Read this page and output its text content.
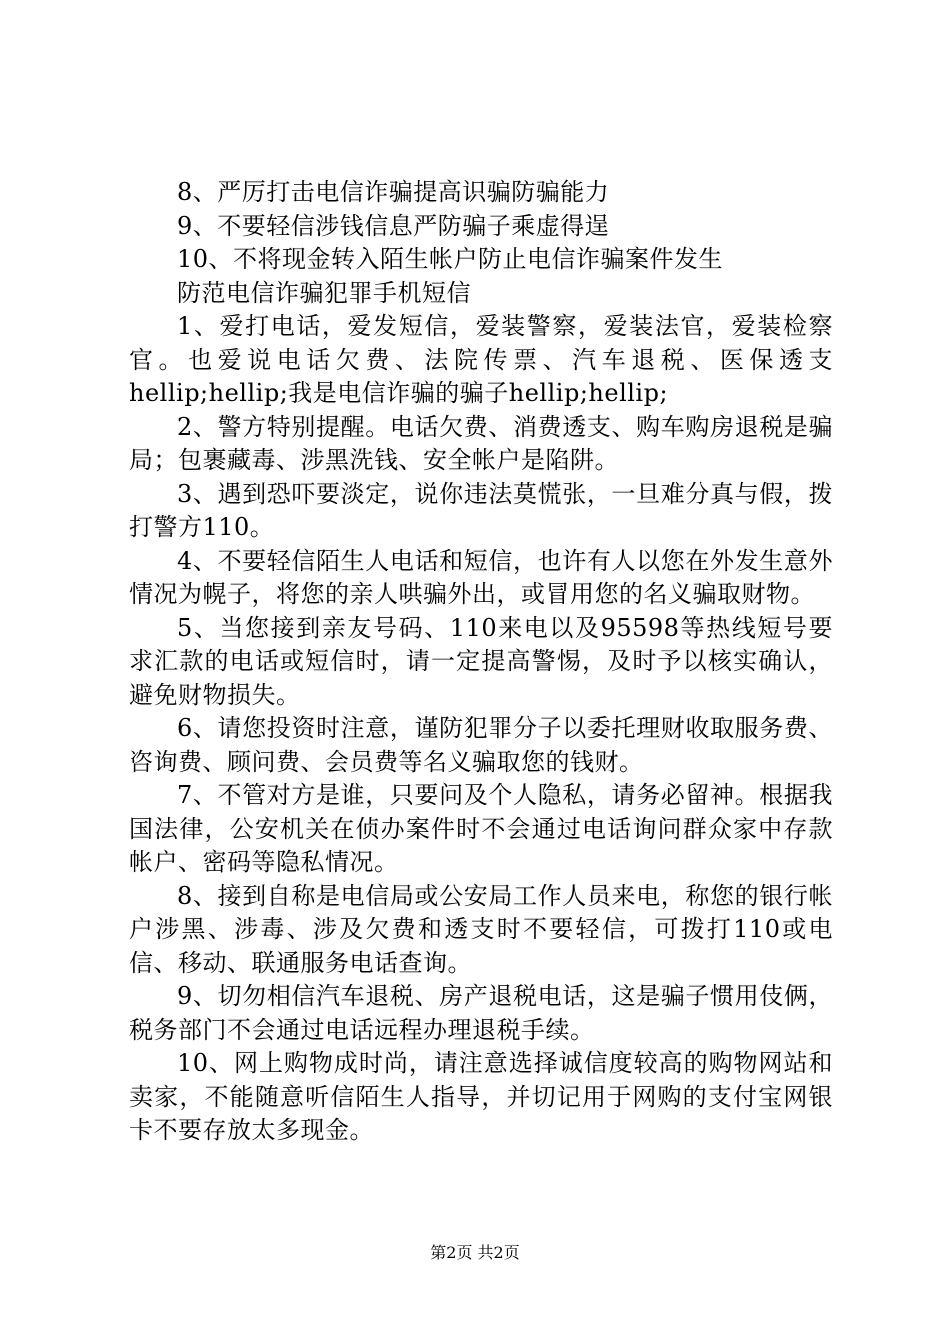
8、严厉打击电信诈骗提高识骗防骗能力
9、不要轻信涉钱信息严防骗子乘虚得逞
10、不将现金转入陌生帐户防止电信诈骗案件发生
防范电信诈骗犯罪手机短信

1、爱打电话，爱发短信，爱装警察，爱装法官，爱装检察官。也爱说电话欠费、法院传票、汽车退税、医保透支hellip;hellip;我是电信诈骗的骗子hellip;hellip;

2、警方特别提醒。电话欠费、消费透支、购车购房退税是骗局；包裹藏毒、涉黑洗钱、安全帐户是陷阱。

3、遇到恐吓要淡定，说你违法莫慌张，一旦难分真与假，拨打警方110。

4、不要轻信陌生人电话和短信，也许有人以您在外发生意外情况为幌子，将您的亲人哄骗外出，或冒用您的名义骗取财物。

5、当您接到亲友号码、110来电以及95598等热线短号要求汇款的电话或短信时，请一定提高警惕，及时予以核实确认，避免财物损失。

6、请您投资时注意，谨防犯罪分子以委托理财收取服务费、咨询费、顾问费、会员费等名义骗取您的钱财。

7、不管对方是谁，只要问及个人隐私，请务必留神。根据我国法律，公安机关在侦办案件时不会通过电话询问群众家中存款帐户、密码等隐私情况。

8、接到自称是电信局或公安局工作人员来电，称您的银行帐户涉黑、涉毒、涉及欠费和透支时不要轻信，可拨打110或电信、移动、联通服务电话查询。

9、切勿相信汽车退税、房产退税电话，这是骗子惯用伎俩，税务部门不会通过电话远程办理退税手续。

10、网上购物成时尚，请注意选择诚信度较高的购物网站和卖家，不能随意听信陌生人指导，并切记用于网购的支付宝网银卡不要存放太多现金。

第2页 共2页
